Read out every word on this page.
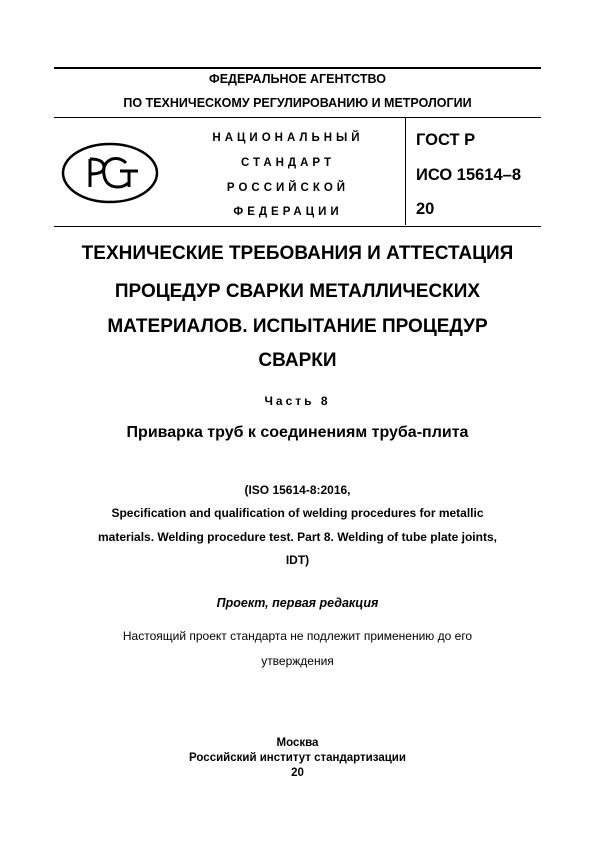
ФЕДЕРАЛЬНОЕ АГЕНТСТВО
ПО ТЕХНИЧЕСКОМУ РЕГУЛИРОВАНИЮ И МЕТРОЛОГИИ
РСТ
НАЦИОНАЛЬНЫЙ
СТАНДАРТ
РОССИЙСКОЙ
ФЕДЕРАЦИИ
ГОСТ Р
ИСО 15614–8
20
ТЕХНИЧЕСКИЕ ТРЕБОВАНИЯ И АТТЕСТАЦИЯ
ПРОЦЕДУР СВАРКИ МЕТАЛЛИЧЕСКИХ
МАТЕРИАЛОВ. ИСПЫТАНИЕ ПРОЦЕДУР
СВАРКИ
Часть 8
Приварка труб к соединениям труба-плита
(ISO 15614-8:2016,
Specification and qualification of welding procedures for metallic
materials. Welding procedure test. Part 8. Welding of tube plate joints,
IDT)
Проект, первая редакция
Настоящий проект стандарта не подлежит применению до его
утверждения
Москва
Российский институт стандартизации
20
